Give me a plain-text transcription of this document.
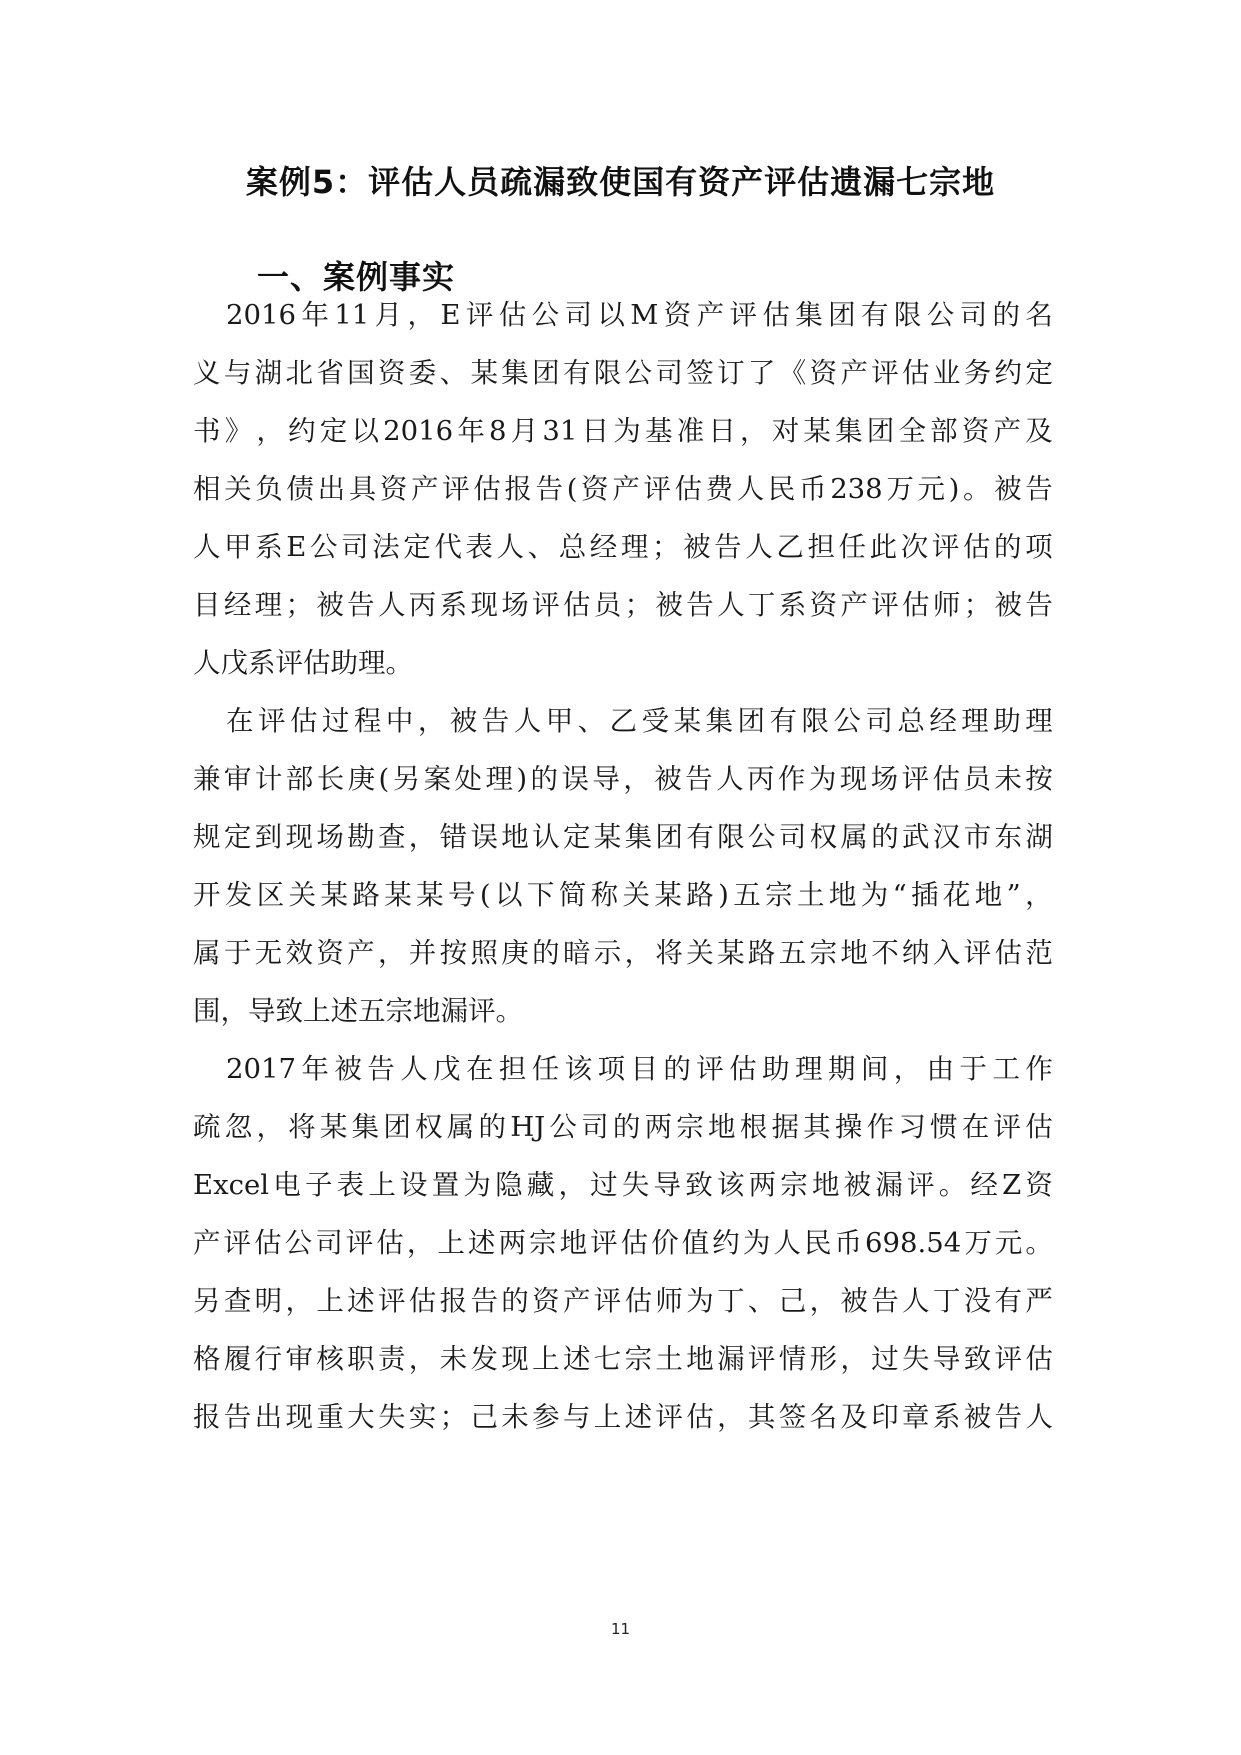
案例5：评估人员疏漏致使国有资产评估遗漏七宗地
一、案例事实
2016 年 11 月 ， E 评 估 公 司 以 M 资 产 评 估 集 团 有 限 公 司 的 名
义 与 湖 北 省 国 资 委 、 某 集 团 有 限 公 司 签 订 了 《 资 产 评 估 业 务 约 定
书 》 ， 约 定 以 2016 年 8 月 31 日 为 基 准 日 ， 对 某 集 团 全 部 资 产 及
相 关 负 债 出 具 资 产 评 估 报 告 ( 资 产 评 估 费 人 民 币 238 万 元 ) 。 被 告
人 甲 系 E 公 司 法 定 代 表 人 、 总 经 理 ； 被 告 人 乙 担 任 此 次 评 估 的 项
目 经 理 ； 被 告 人 丙 系 现 场 评 估 员 ； 被 告 人 丁 系 资 产 评 估 师 ； 被 告
人戊系评估助理。
在 评 估 过 程 中 ， 被 告 人 甲 、 乙 受 某 集 团 有 限 公 司 总 经 理 助 理
兼 审 计 部 长 庚 ( 另 案 处 理 ) 的 误 导 ， 被 告 人 丙 作 为 现 场 评 估 员 未 按
规 定 到 现 场 勘 查 ， 错 误 地 认 定 某 集 团 有 限 公 司 权 属 的 武 汉 市 东 湖
开 发 区 关 某 路 某 某 号 ( 以 下 简 称 关 某 路 ) 五 宗 土 地 为 “ 插 花 地 ” ，
属 于 无 效 资 产 ， 并 按 照 庚 的 暗 示 ， 将 关 某 路 五 宗 地 不 纳 入 评 估 范
围，导致上述五宗地漏评。
2017 年 被 告 人 戊 在 担 任 该 项 目 的 评 估 助 理 期 间 ， 由 于 工 作
疏 忽 ， 将 某 集 团 权 属 的 HJ 公 司 的 两 宗 地 根 据 其 操 作 习 惯 在 评 估
Excel 电 子 表 上 设 置 为 隐 藏 ， 过 失 导 致 该 两 宗 地 被 漏 评 。 经 Z 资
产 评 估 公 司 评 估 ， 上 述 两 宗 地 评 估 价 值 约 为 人 民 币 698.54 万 元 。
另 查 明 ， 上 述 评 估 报 告 的 资 产 评 估 师 为 丁 、 己 ， 被 告 人 丁 没 有 严
格 履 行 审 核 职 责 ， 未 发 现 上 述 七 宗 土 地 漏 评 情 形 ， 过 失 导 致 评 估
报 告 出 现 重 大 失 实 ； 己 未 参 与 上 述 评 估 ， 其 签 名 及 印 章 系 被 告 人
11
